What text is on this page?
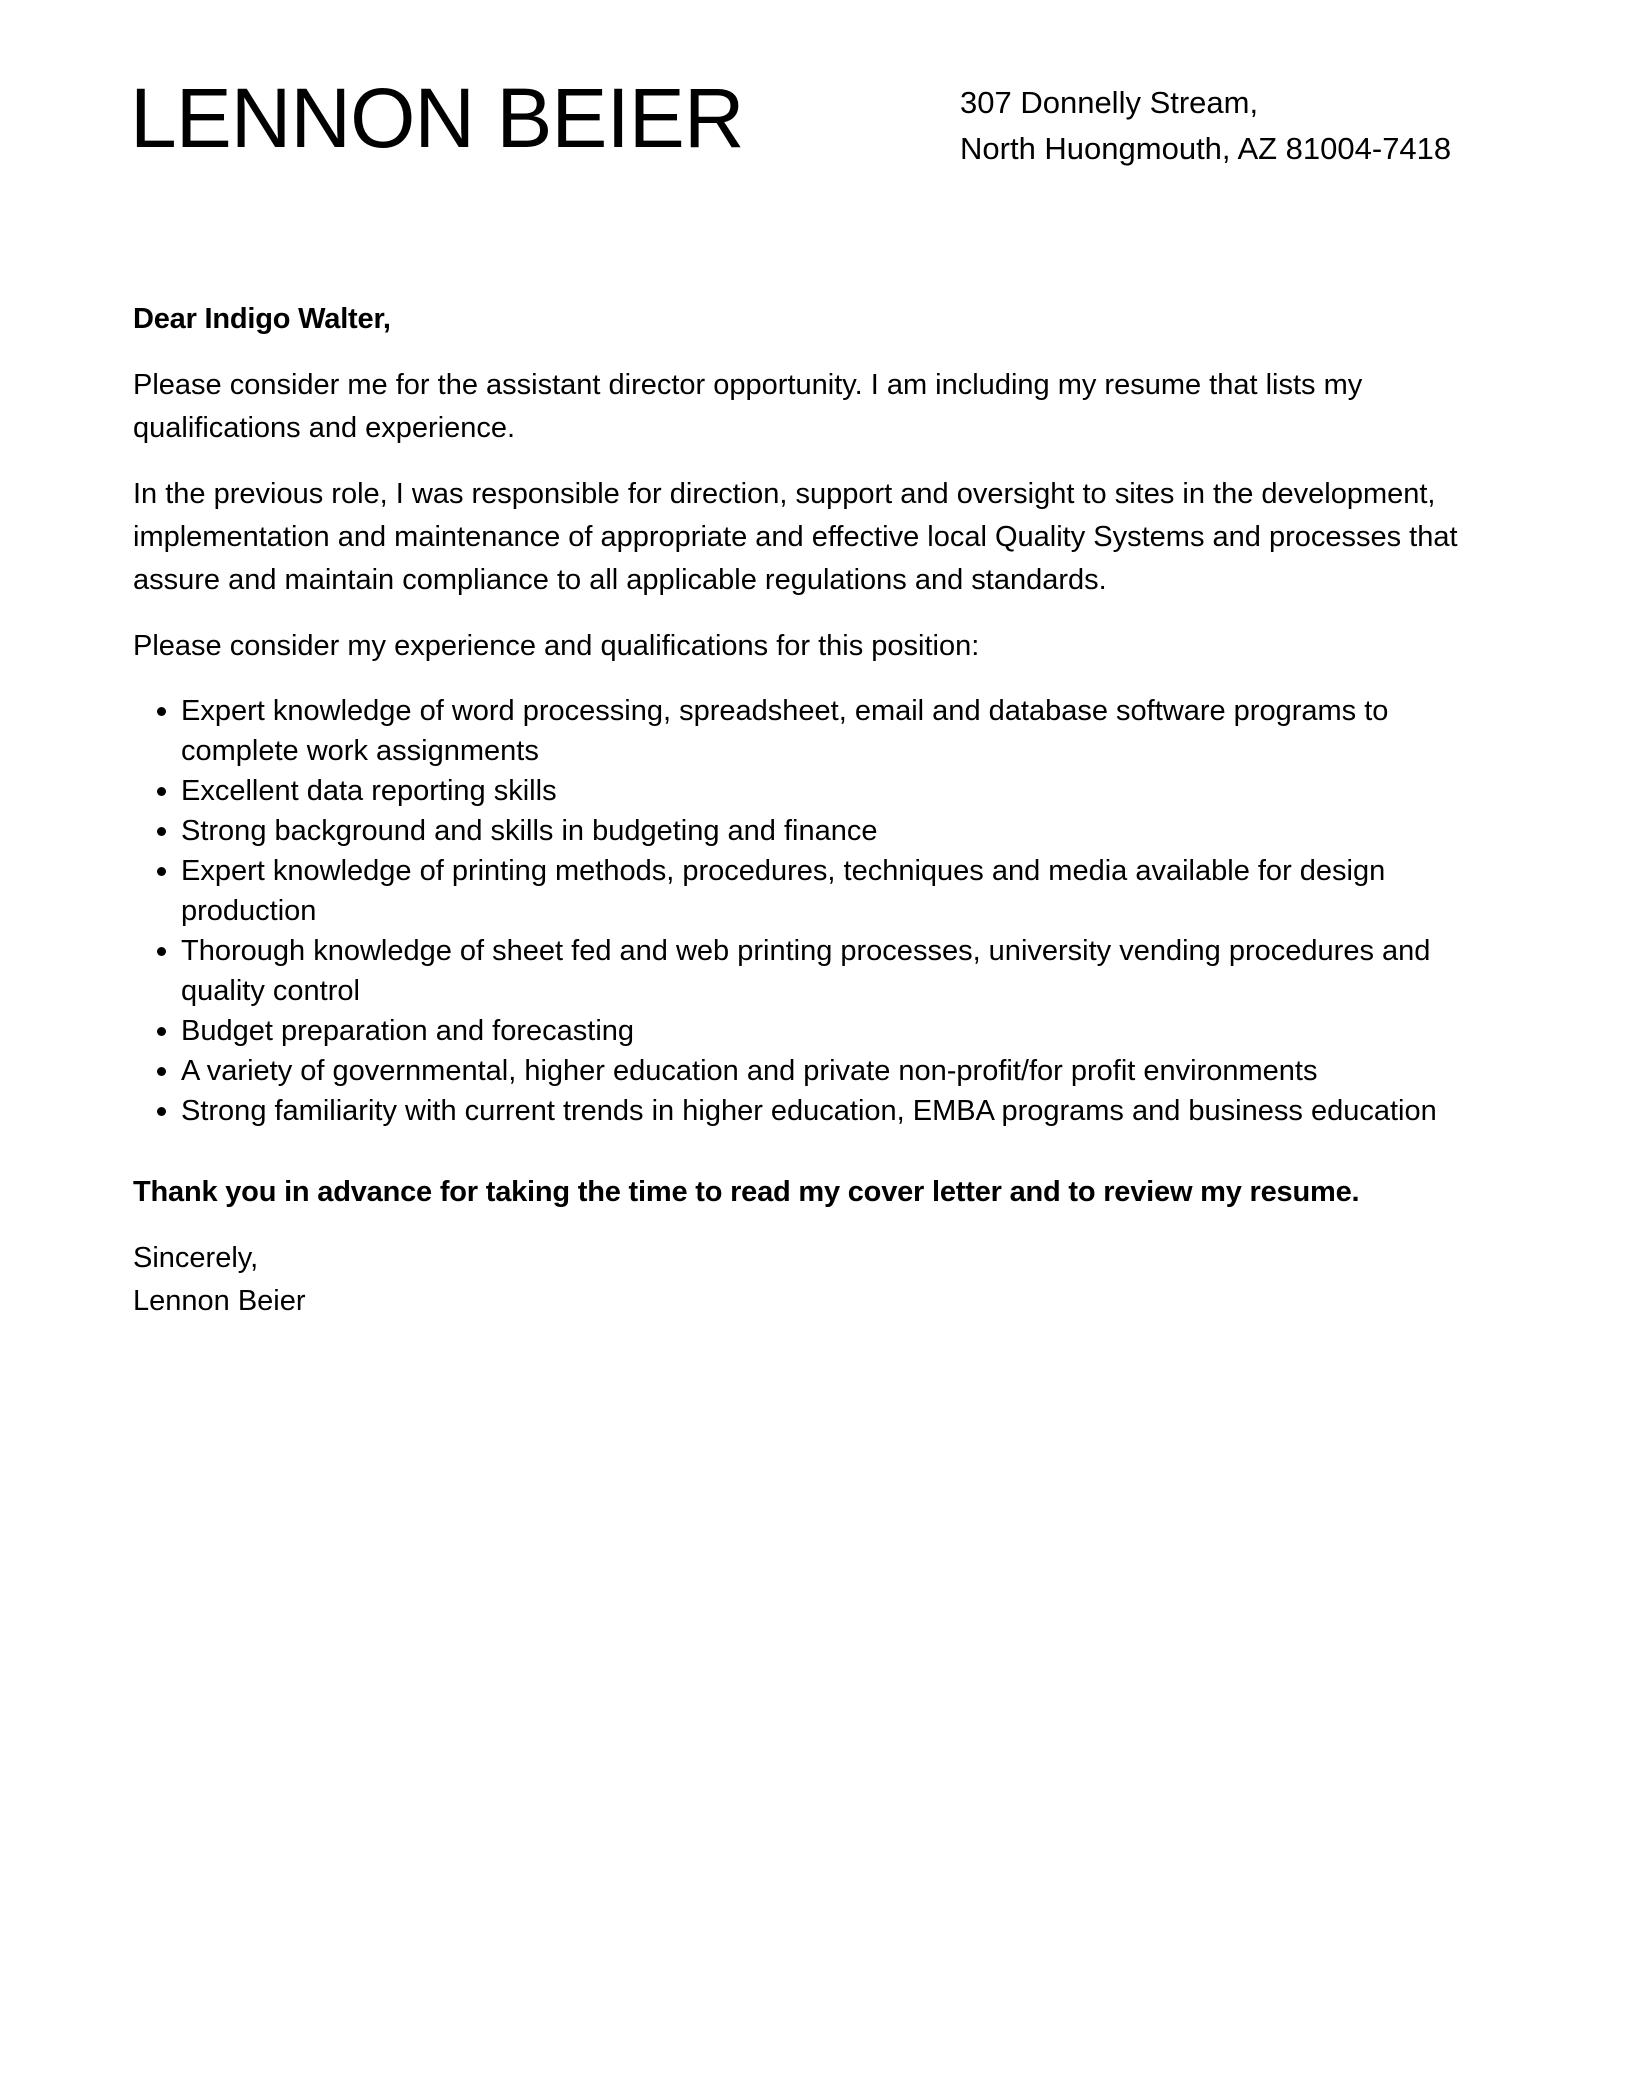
LENNON BEIER	307 Donnelly Stream,
North Huongmouth, AZ 81004-7418

Dear Indigo Walter,

Please consider me for the assistant director opportunity. I am including my resume that lists my qualifications and experience.

In the previous role, I was responsible for direction, support and oversight to sites in the development, implementation and maintenance of appropriate and effective local Quality Systems and processes that assure and maintain compliance to all applicable regulations and standards.

Please consider my experience and qualifications for this position:

Expert knowledge of word processing, spreadsheet, email and database software programs to complete work assignments
Excellent data reporting skills
Strong background and skills in budgeting and finance
Expert knowledge of printing methods, procedures, techniques and media available for design production
Thorough knowledge of sheet fed and web printing processes, university vending procedures and quality control
Budget preparation and forecasting
A variety of governmental, higher education and private non-profit/for profit environments
Strong familiarity with current trends in higher education, EMBA programs and business education

Thank you in advance for taking the time to read my cover letter and to review my resume.

Sincerely,
Lennon Beier
